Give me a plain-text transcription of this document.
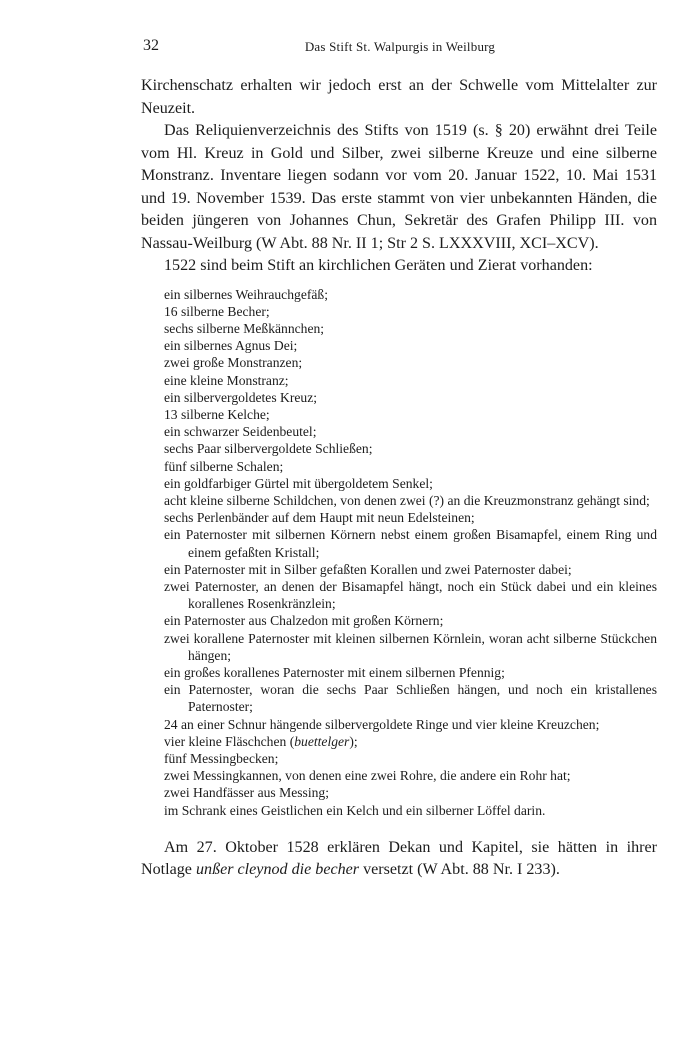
32	Das Stift St. Walpurgis in Weilburg

Kirchenschatz erhalten wir jedoch erst an der Schwelle vom Mittelalter zur Neuzeit.

Das Reliquienverzeichnis des Stifts von 1519 (s. § 20) erwähnt drei Teile vom Hl. Kreuz in Gold und Silber, zwei silberne Kreuze und eine silberne Monstranz. Inventare liegen sodann vor vom 20. Januar 1522, 10. Mai 1531 und 19. November 1539. Das erste stammt von vier unbekannten Händen, die beiden jüngeren von Johannes Chun, Sekretär des Grafen Philipp III. von Nassau-Weilburg (W Abt. 88 Nr. II 1; Str 2 S. LXXXVIII, XCI–XCV).

1522 sind beim Stift an kirchlichen Geräten und Zierat vorhanden:

ein silbernes Weihrauchgefäß;
16 silberne Becher;
sechs silberne Meßkännchen;
ein silbernes Agnus Dei;
zwei große Monstranzen;
eine kleine Monstranz;
ein silbervergoldetes Kreuz;
13 silberne Kelche;
ein schwarzer Seidenbeutel;
sechs Paar silbervergoldete Schließen;
fünf silberne Schalen;
ein goldfarbiger Gürtel mit übergoldetem Senkel;
acht kleine silberne Schildchen, von denen zwei (?) an die Kreuzmonstranz gehängt sind;
sechs Perlenbänder auf dem Haupt mit neun Edelsteinen;
ein Paternoster mit silbernen Körnern nebst einem großen Bisamapfel, einem Ring und einem gefaßten Kristall;
ein Paternoster mit in Silber gefaßten Korallen und zwei Paternoster dabei;
zwei Paternoster, an denen der Bisamapfel hängt, noch ein Stück dabei und ein kleines korallenes Rosenkränzlein;
ein Paternoster aus Chalzedon mit großen Körnern;
zwei korallene Paternoster mit kleinen silbernen Körnlein, woran acht silberne Stückchen hängen;
ein großes korallenes Paternoster mit einem silbernen Pfennig;
ein Paternoster, woran die sechs Paar Schließen hängen, und noch ein kristallenes Paternoster;
24 an einer Schnur hängende silbervergoldete Ringe und vier kleine Kreuzchen;
vier kleine Fläschchen (buettelger);
fünf Messingbecken;
zwei Messingkannen, von denen eine zwei Rohre, die andere ein Rohr hat;
zwei Handfässer aus Messing;
im Schrank eines Geistlichen ein Kelch und ein silberner Löffel darin.

Am 27. Oktober 1528 erklären Dekan und Kapitel, sie hätten in ihrer Notlage unßer cleynod die becher versetzt (W Abt. 88 Nr. I 233).
